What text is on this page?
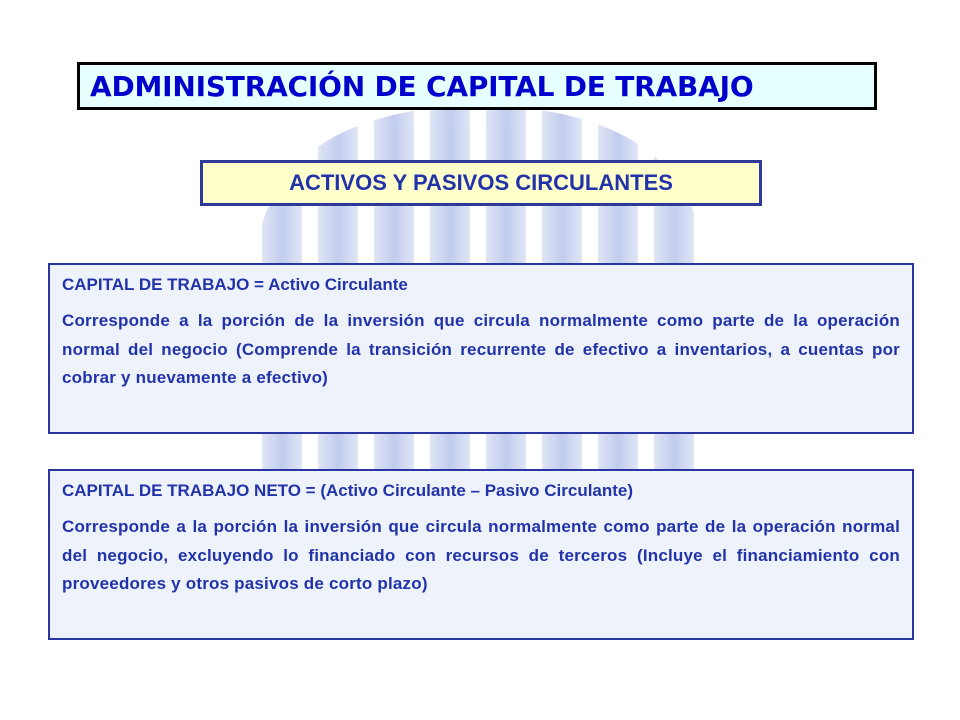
ADMINISTRACIÓN DE CAPITAL DE TRABAJO
ACTIVOS Y PASIVOS CIRCULANTES

CAPITAL DE TRABAJO = Activo Circulante

Corresponde a la porción de la inversión que circula normalmente como parte de la operación normal del negocio (Comprende la transición recurrente de efectivo a inventarios, a cuentas por cobrar y nuevamente a efectivo)

CAPITAL DE TRABAJO NETO = (Activo Circulante – Pasivo Circulante)

Corresponde a la porción la inversión que circula normalmente como parte de la operación normal del negocio, excluyendo lo financiado con recursos de terceros (Incluye el financiamiento con proveedores y otros pasivos de corto plazo)
